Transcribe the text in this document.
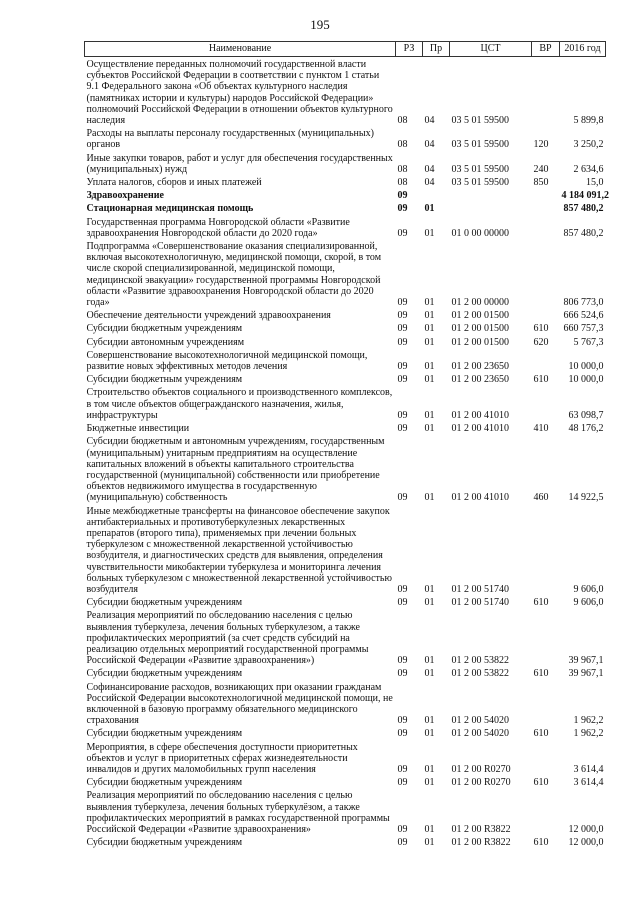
195
Наименование	РЗ	Пр	ЦСТ	ВР	2016 год
Осуществление переданных полномочий государственной власти субъектов Российской Федерации в соответствии с пунктом 1 статьи 9.1 Федерального закона «Об объектах культурного наследия (памятниках истории и культуры) народов Российской Федерации» полномочий Российской Федерации в отношении объектов культурного наследия	08	04	03 5 01 59500		5 899,8
Расходы на выплаты персоналу государственных (муниципальных) органов	08	04	03 5 01 59500	120	3 250,2
Иные закупки товаров, работ и услуг для обеспечения государственных (муниципальных) нужд	08	04	03 5 01 59500	240	2 634,6
Уплата налогов, сборов и иных платежей	08	04	03 5 01 59500	850	15,0
Здравоохранение	09				4 184 091,2
Стационарная медицинская помощь	09	01			857 480,2
Государственная программа Новгородской области «Развитие здравоохранения Новгородской области до 2020 года»	09	01	01 0 00 00000		857 480,2
Подпрограмма «Совершенствование оказания специализированной, включая высокотехнологичную, медицинской помощи, скорой, в том числе скорой специализированной, медицинской помощи, медицинской эвакуации» государственной программы Новгородской области «Развитие здравоохранения Новгородской области до 2020 года»	09	01	01 2 00 00000		806 773,0
Обеспечение деятельности учреждений здравоохранения	09	01	01 2 00 01500		666 524,6
Субсидии бюджетным учреждениям	09	01	01 2 00 01500	610	660 757,3
Субсидии автономным учреждениям	09	01	01 2 00 01500	620	5 767,3
Совершенствование высокотехнологичной медицинской помощи, развитие новых эффективных методов лечения	09	01	01 2 00 23650		10 000,0
Субсидии бюджетным учреждениям	09	01	01 2 00 23650	610	10 000,0
Строительство объектов социального и производственного комплексов, в том числе объектов общегражданского назначения, жилья, инфраструктуры	09	01	01 2 00 41010		63 098,7
Бюджетные инвестиции	09	01	01 2 00 41010	410	48 176,2
Субсидии бюджетным и автономным учреждениям, государственным (муниципальным) унитарным предприятиям на осуществление капитальных вложений в объекты капитального строительства государственной (муниципальной) собственности или приобретение объектов недвижимого имущества в государственную (муниципальную) собственность	09	01	01 2 00 41010	460	14 922,5
Иные межбюджетные трансферты на финансовое обеспечение закупок антибактериальных и противотуберкулезных лекарственных препаратов (второго типа), применяемых при лечении больных туберкулезом с множественной лекарственной устойчивостью возбудителя, и диагностических средств для выявления, определения чувствительности микобактерии туберкулеза и мониторинга лечения больных туберкулезом с множественной лекарственной устойчивостью возбудителя	09	01	01 2 00 51740		9 606,0
Субсидии бюджетным учреждениям	09	01	01 2 00 51740	610	9 606,0
Реализация мероприятий по обследованию населения с целью выявления туберкулеза, лечения больных туберкулезом, а также профилактических мероприятий (за счет средств субсидий на реализацию отдельных мероприятий государственной программы Российской Федерации «Развитие здравоохранения»)	09	01	01 2 00 53822		39 967,1
Субсидии бюджетным учреждениям	09	01	01 2 00 53822	610	39 967,1
Софинансирование расходов, возникающих при оказании гражданам Российской Федерации высокотехнологичной медицинской помощи, не включенной в базовую программу обязательного медицинского страхования	09	01	01 2 00 54020		1 962,2
Субсидии бюджетным учреждениям	09	01	01 2 00 54020	610	1 962,2
Мероприятия, в сфере обеспечения доступности приоритетных объектов и услуг в приоритетных сферах жизнедеятельности инвалидов и других маломобильных групп населения	09	01	01 2 00 R0270		3 614,4
Субсидии бюджетным учреждениям	09	01	01 2 00 R0270	610	3 614,4
Реализация мероприятий по обследованию населения с целью выявления туберкулеза, лечения больных туберкулёзом, а также профилактических мероприятий в рамках государственной программы Российской Федерации «Развитие здравоохранения»	09	01	01 2 00 R3822		12 000,0
Субсидии бюджетным учреждениям	09	01	01 2 00 R3822	610	12 000,0
